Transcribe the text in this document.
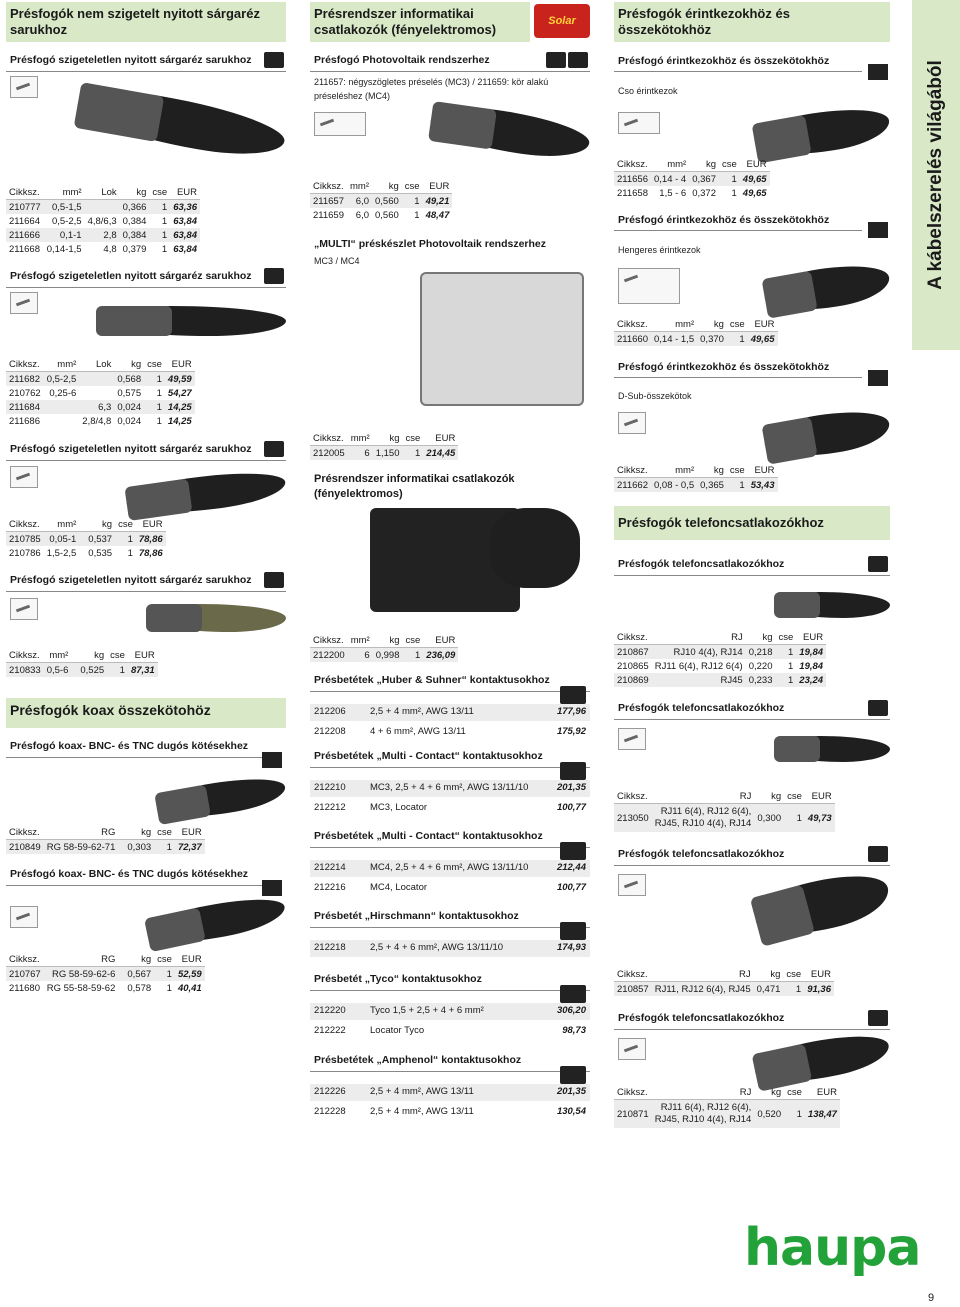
Présfogók nem szigetelt nyitott sárgaréz sarukhoz
Présfogó szigeteletlen nyitott sárgaréz sarukhoz
Cikksz.	mm²	Lok	kg	cse	EUR
210777	0,5-1,5		0,366	1	63,36
211664	0,5-2,5	4,8/6,3	0,384	1	63,84
211666	0,1-1	2,8	0,384	1	63,84
211668	0,14-1,5	4,8	0,379	1	63,84
Présfogó szigeteletlen nyitott sárgaréz sarukhoz
Cikksz.	mm²	Lok	kg	cse	EUR
211682	0,5-2,5		0,568	1	49,59
210762	0,25-6		0,575	1	54,27
211684		6,3	0,024	1	14,25
211686		2,8/4,8	0,024	1	14,25
Présfogó szigeteletlen nyitott sárgaréz sarukhoz
Cikksz.	mm²		kg	cse	EUR
210785	0,05-1		0,537	1	78,86
210786	1,5-2,5		0,535	1	78,86
Présfogó szigeteletlen nyitott sárgaréz sarukhoz
Cikksz.	mm²		kg	cse	EUR
210833	0,5-6		0,525	1	87,31
Présfogók koax összekötohöz
Présfogó koax- BNC- és TNC dugós kötésekhez
Cikksz.	RG		kg	cse	EUR
210849	RG 58-59-62-71		0,303	1	72,37
Présfogó koax- BNC- és TNC dugós kötésekhez
Cikksz.	RG		kg	cse	EUR
210767	RG 58-59-62-6		0,567	1	52,59
211680	RG 55-58-59-62		0,578	1	40,41
Présrendszer informatikai csatlakozók (fényelektromos)
Solar
Présfogó Photovoltaik rendszerhez
211657: négyszögletes préselés (MC3) / 211659: kör alakú préseléshez (MC4)
Cikksz.	mm²	kg	cse	EUR
211657	6,0	0,560	1	49,21
211659	6,0	0,560	1	48,47
„MULTI“ préskészlet Photovoltaik rendszerhez
MC3 / MC4
Cikksz.	mm²	kg	cse	EUR
212005	6	1,150	1	214,45
Présrendszer informatikai csatlakozók (fényelektromos)
Cikksz.	mm²	kg	cse	EUR
212200	6	0,998	1	236,09
Présbetétek „Huber & Suhner“ kontaktusokhoz
212206	2,5 + 4 mm², AWG 13/11	177,96
212208	4 + 6 mm², AWG 13/11	175,92
Présbetétek „Multi - Contact“ kontaktusokhoz
212210	MC3, 2,5 + 4 + 6 mm², AWG 13/11/10	201,35
212212	MC3, Locator	100,77
Présbetétek „Multi - Contact“ kontaktusokhoz
212214	MC4, 2,5 + 4 + 6 mm², AWG 13/11/10	212,44
212216	MC4, Locator	100,77
Présbetét „Hirschmann“ kontaktusokhoz
212218	2,5 + 4 + 6 mm², AWG 13/11/10	174,93
Présbetét „Tyco“ kontaktusokhoz
212220	Tyco 1,5 + 2,5 + 4 + 6 mm²	306,20
212222	Locator Tyco	98,73
Présbetétek „Amphenol“ kontaktusokhoz
212226	2,5 + 4 mm², AWG 13/11	201,35
212228	2,5 + 4 mm², AWG 13/11	130,54
Présfogók érintkezokhöz és összekötokhöz
Présfogó érintkezokhöz és összekötokhöz
Cso érintkezok
Cikksz.	mm²	kg	cse	EUR
211656	0,14 - 4	0,367	1	49,65
211658	1,5 - 6	0,372	1	49,65
Présfogó érintkezokhöz és összekötokhöz
Hengeres érintkezok
Cikksz.	mm²	kg	cse	EUR
211660	0,14 - 1,5	0,370	1	49,65
Présfogó érintkezokhöz és összekötokhöz
D-Sub-összekötok
Cikksz.	mm²	kg	cse	EUR
211662	0,08 - 0,5	0,365	1	53,43
Présfogók telefoncsatlakozókhoz
Présfogók telefoncsatlakozókhoz
Cikksz.	RJ	kg	cse	EUR
210867	RJ10 4(4), RJ14	0,218	1	19,84
210865	RJ11 6(4), RJ12 6(4)	0,220	1	19,84
210869	RJ45	0,233	1	23,24
Présfogók telefoncsatlakozókhoz
Cikksz.	RJ	kg	cse	EUR
213050	RJ11 6(4), RJ12 6(4),
RJ45, RJ10 4(4), RJ14	0,300	1	49,73
Présfogók telefoncsatlakozókhoz
Cikksz.	RJ	kg	cse	EUR
210857	RJ11, RJ12 6(4), RJ45	0,471	1	91,36
Présfogók telefoncsatlakozókhoz
Cikksz.	RJ	kg	cse	EUR
210871	RJ11 6(4), RJ12 6(4),
RJ45, RJ10 4(4), RJ14	0,520	1	138,47
A kábelszerelés világából
haupa
9
